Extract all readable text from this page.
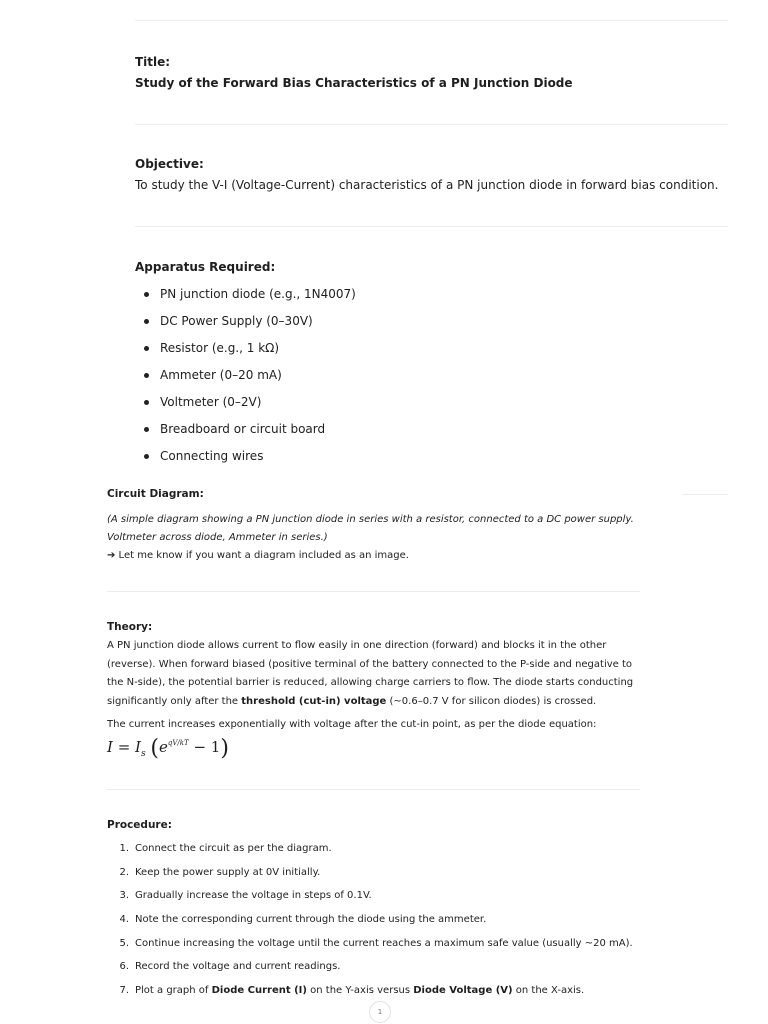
Title:
Study of the Forward Bias Characteristics of a PN Junction Diode
Objective:
To study the V-I (Voltage-Current) characteristics of a PN junction diode in forward bias condition.
Apparatus Required:
PN junction diode (e.g., 1N4007)
DC Power Supply (0–30V)
Resistor (e.g., 1 kΩ)
Ammeter (0–20 mA)
Voltmeter (0–2V)
Breadboard or circuit board
Connecting wires
Circuit Diagram:
(A simple diagram showing a PN junction diode in series with a resistor, connected to a DC power supply.
Voltmeter across diode, Ammeter in series.)
➔ Let me know if you want a diagram included as an image.
Theory:

A PN junction diode allows current to flow easily in one direction (forward) and blocks it in the other (reverse). When forward biased (positive terminal of the battery connected to the P-side and negative to the N-side), the potential barrier is reduced, allowing charge carriers to flow. The diode starts conducting significantly only after the threshold (cut-in) voltage (~0.6–0.7 V for silicon diodes) is crossed.

The current increases exponentially with voltage after the cut-in point, as per the diode equation:
$I = I_s$ $(e^{qV/kT} - 1)$
Procedure:
1. Connect the circuit as per the diagram.
2. Keep the power supply at 0V initially.
3. Gradually increase the voltage in steps of 0.1V.
4. Note the corresponding current through the diode using the ammeter.
5. Continue increasing the voltage until the current reaches a maximum safe value (usually ~20 mA).
6. Record the voltage and current readings.
7. Plot a graph of Diode Current (I) on the Y-axis versus Diode Voltage (V) on the X-axis.
1
